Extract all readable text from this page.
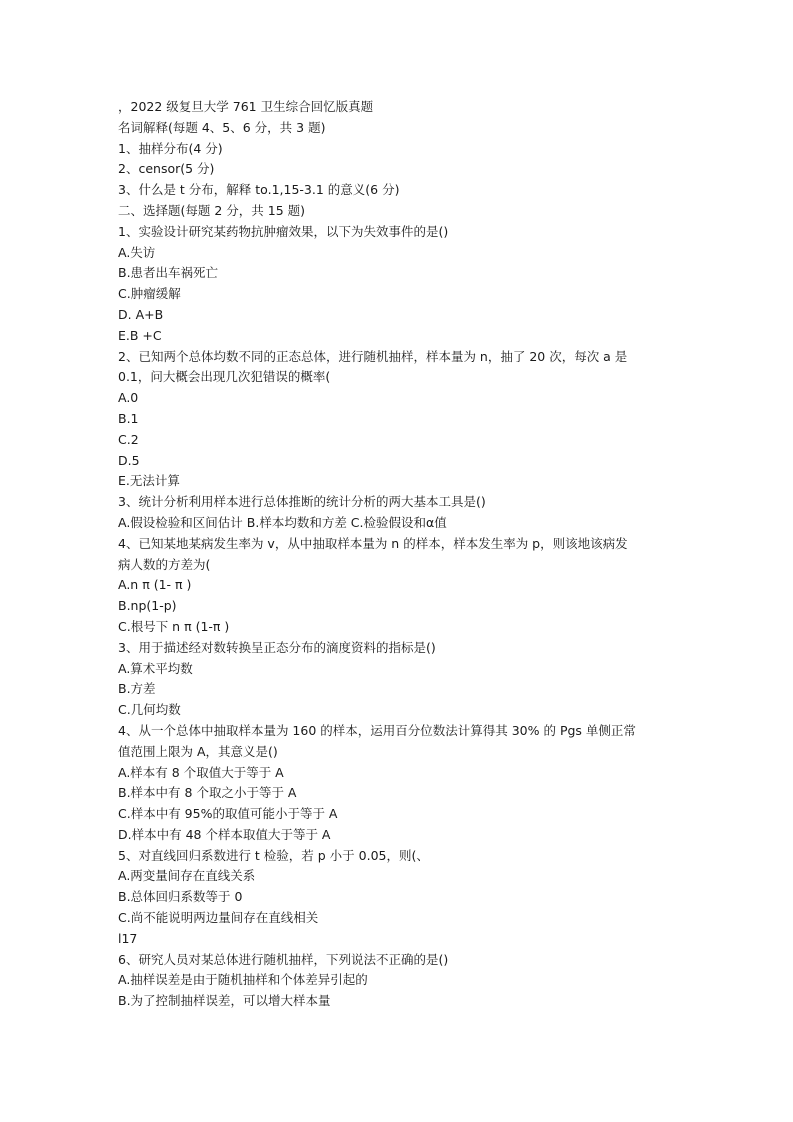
，2022 级复旦大学 761 卫生综合回忆版真题
名词解释(每题 4、5、6 分，共 3 题)
1、抽样分布(4 分)
2、censor(5 分)
3、什么是 t 分布，解释 to.1,15-3.1 的意义(6 分)
二、选择题(每题 2 分，共 15 题)
1、实验设计研究某药物抗肿瘤效果，以下为失效事件的是()
A.失访
B.患者出车祸死亡
C.肿瘤缓解
D. A+B
E.B +C
2、已知两个总体均数不同的正态总体，进行随机抽样，样本量为 n，抽了 20 次，每次 a 是
0.1，问大概会出现几次犯错误的概率(
A.0
B.1
C.2
D.5
E.无法计算
3、统计分析利用样本进行总体推断的统计分析的两大基本工具是()
A.假设检验和区间估计 B.样本均数和方差 C.检验假设和α值
4、已知某地某病发生率为 v，从中抽取样本量为 n 的样本，样本发生率为 p，则该地该病发
病人数的方差为(
A.n π (1- π )
B.np(1-p)
C.根号下 n π (1-π )
3、用于描述经对数转换呈正态分布的滴度资料的指标是()
A.算术平均数
B.方差
C.几何均数
4、从一个总体中抽取样本量为 160 的样本，运用百分位数法计算得其 30% 的 Pgs 单侧正常
值范围上限为 A，其意义是()
A.样本有 8 个取值大于等于 A
B.样本中有 8 个取之小于等于 A
C.样本中有 95%的取值可能小于等于 A
D.样本中有 48 个样本取值大于等于 A
5、对直线回归系数进行 t 检验，若 p 小于 0.05，则(、
A.两变量间存在直线关系
B.总体回归系数等于 0
C.尚不能说明两边量间存在直线相关
l17
6、研究人员对某总体进行随机抽样，下列说法不正确的是()
A.抽样误差是由于随机抽样和个体差异引起的
B.为了控制抽样误差，可以增大样本量
